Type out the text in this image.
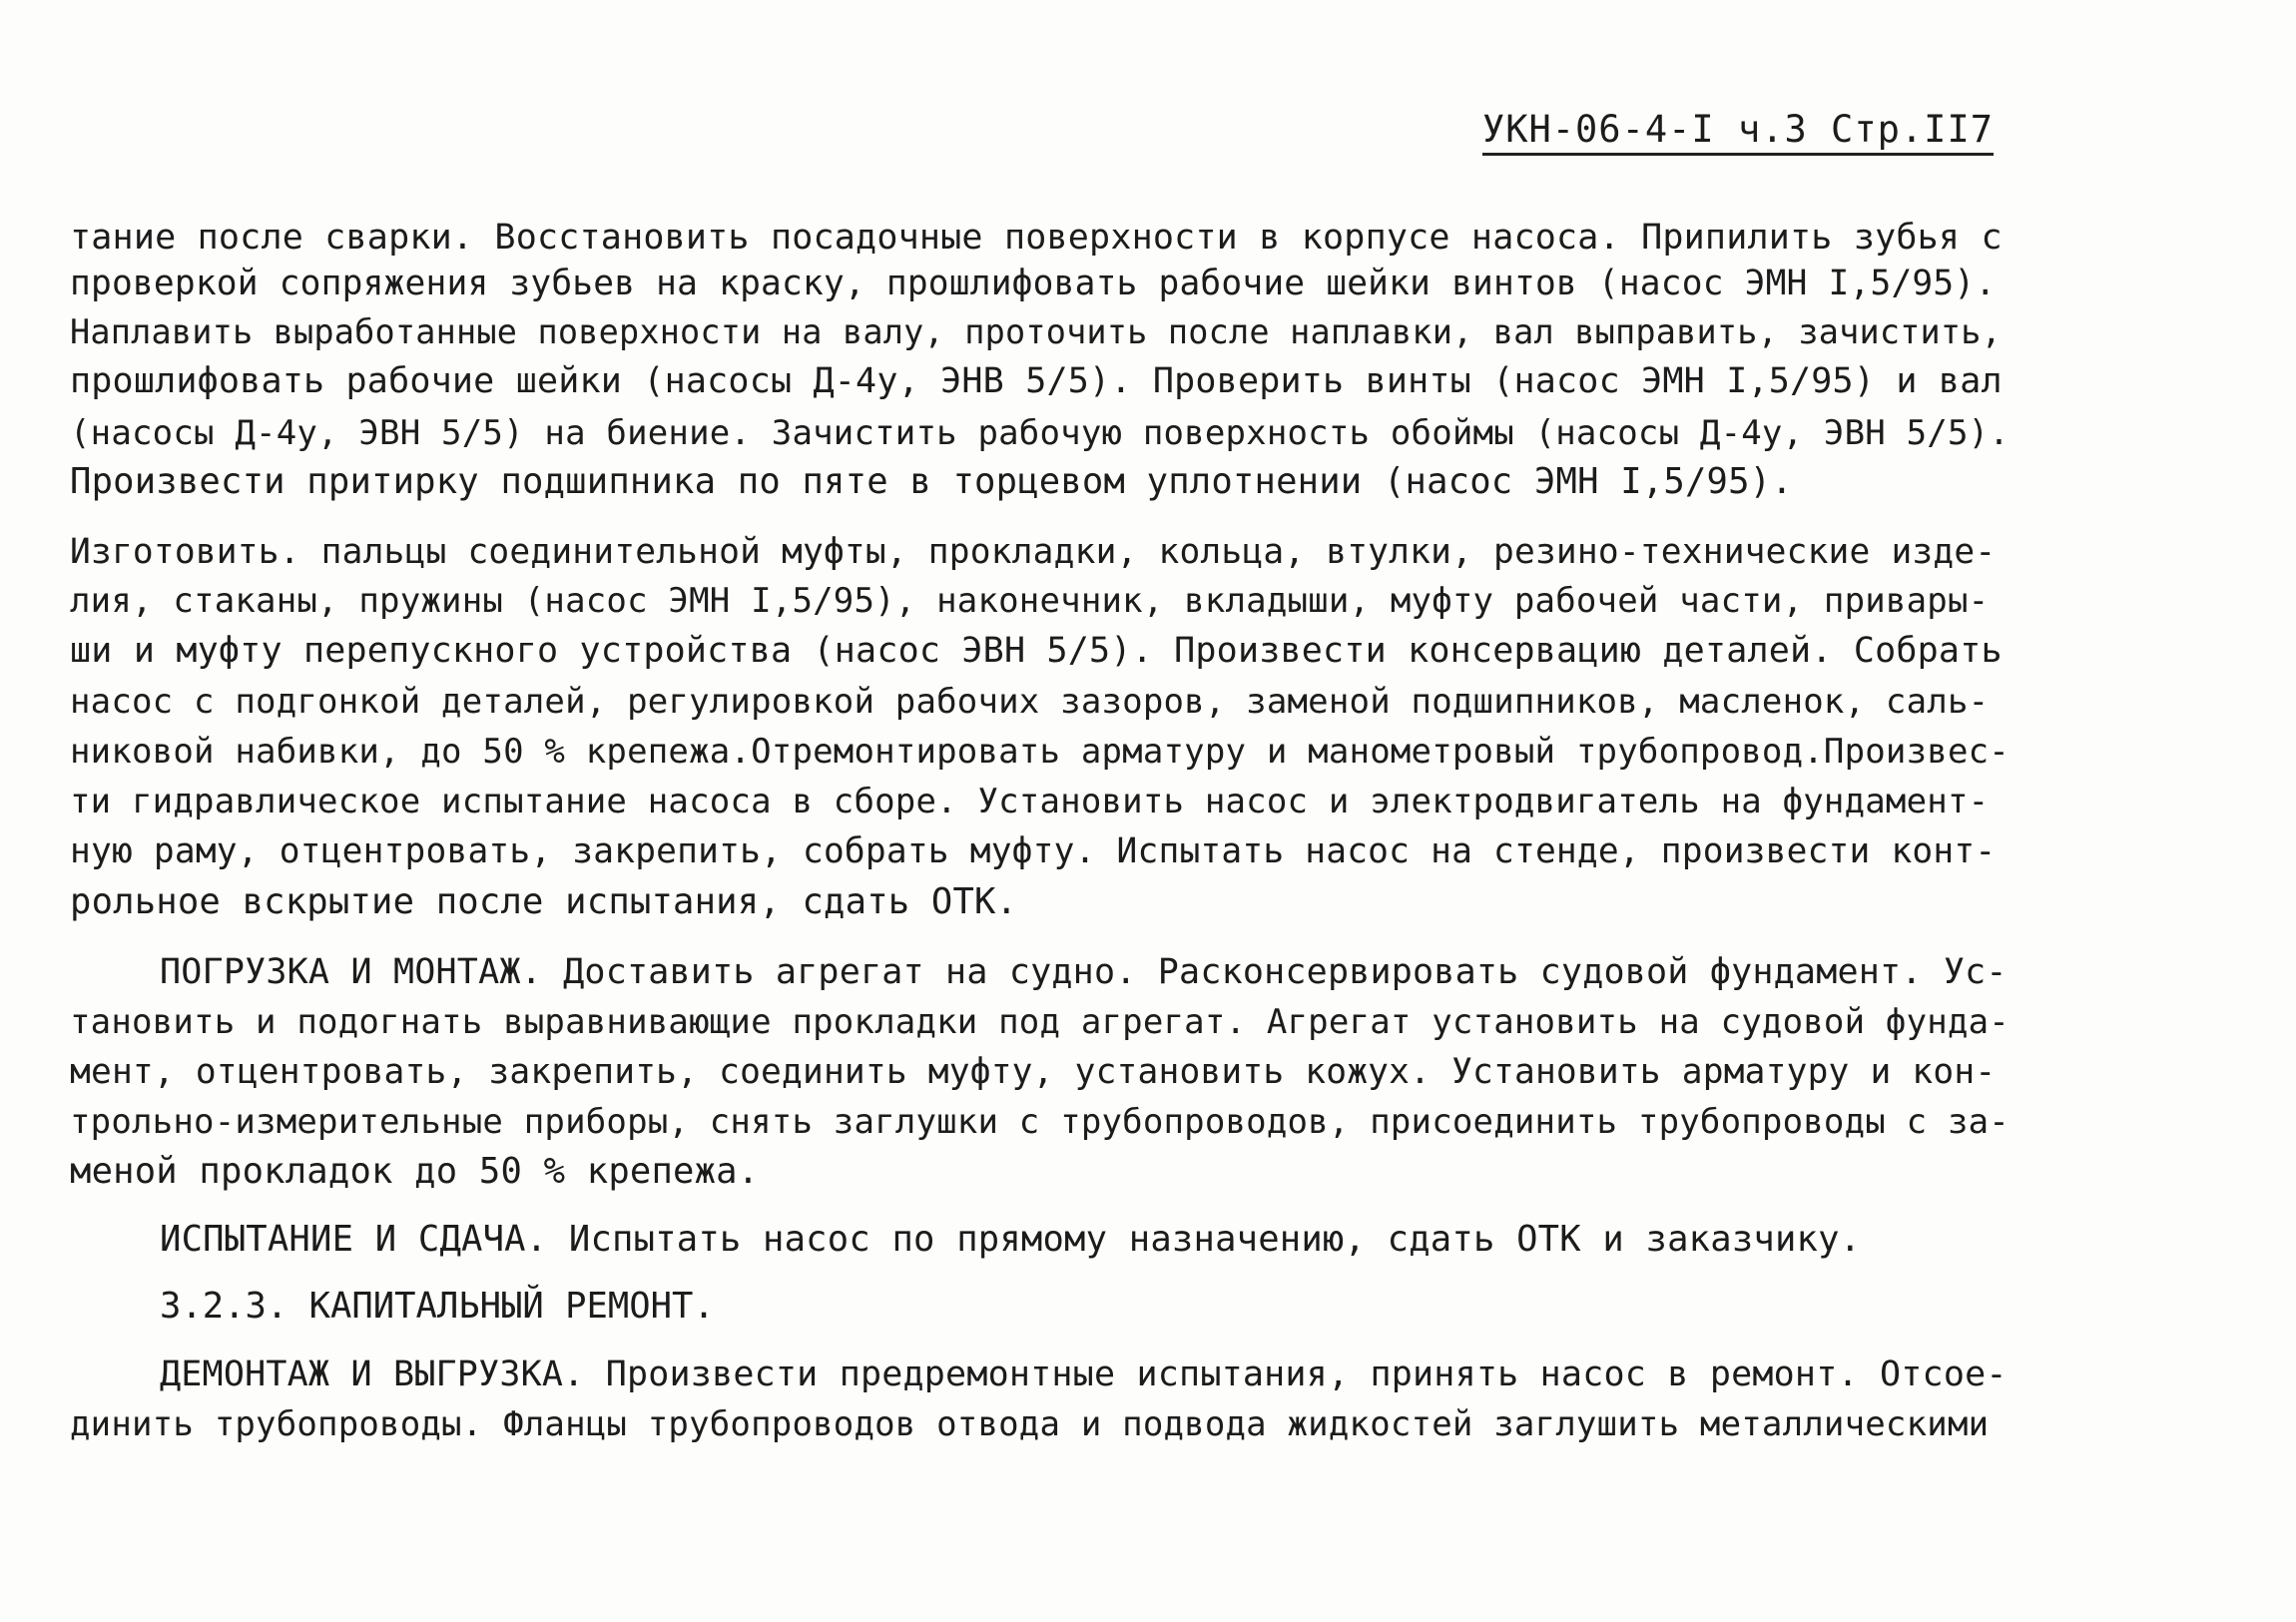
УКН-06-4-I ч.3 Стр.II7
тание после сварки. Восстановить посадочные поверхности в корпусе насоса. Припилить зубья с
проверкой сопряжения зубьев на краску, прошлифовать рабочие шейки винтов (насос ЭМН I,5/95).
Наплавить выработанные поверхности на валу, проточить после наплавки, вал выправить, зачистить,
прошлифовать рабочие шейки (насосы Д-4у, ЭНВ 5/5). Проверить винты (насос ЭМН I,5/95) и вал
(насосы Д-4у, ЭВН 5/5) на биение. Зачистить рабочую поверхность обоймы (насосы Д-4у, ЭВН 5/5).
Произвести притирку подшипника по пяте в торцевом уплотнении (насос ЭМН I,5/95).
Изготовить. пальцы соединительной муфты, прокладки, кольца, втулки, резино-технические изде-
лия, стаканы, пружины (насос ЭМН I,5/95), наконечник, вкладыши, муфту рабочей части, привары-
ши и муфту перепускного устройства (насос ЭВН 5/5). Произвести консервацию деталей. Собрать
насос с подгонкой деталей, регулировкой рабочих зазоров, заменой подшипников, масленок, саль-
никовой набивки, до 50 % крепежа.Отремонтировать арматуру и манометровый трубопровод.Произвес-
ти гидравлическое испытание насоса в сборе. Установить насос и электродвигатель на фундамент-
ную раму, отцентровать, закрепить, собрать муфту. Испытать насос на стенде, произвести конт-
рольное вскрытие после испытания, сдать ОТК.
ПОГРУЗКА И МОНТАЖ. Доставить агрегат на судно. Расконсервировать судовой фундамент. Ус-
тановить и подогнать выравнивающие прокладки под агрегат. Агрегат установить на судовой фунда-
мент, отцентровать, закрепить, соединить муфту, установить кожух. Установить арматуру и кон-
трольно-измерительные приборы, снять заглушки с трубопроводов, присоединить трубопроводы с за-
меной прокладок до 50 % крепежа.
ИСПЫТАНИЕ И СДАЧА. Испытать насос по прямому назначению, сдать ОТК и заказчику.
3.2.3. КАПИТАЛЬНЫЙ РЕМОНТ.
ДЕМОНТАЖ И ВЫГРУЗКА. Произвести предремонтные испытания, принять насос в ремонт. Отсое-
динить трубопроводы. Фланцы трубопроводов отвода и подвода жидкостей заглушить металлическими
